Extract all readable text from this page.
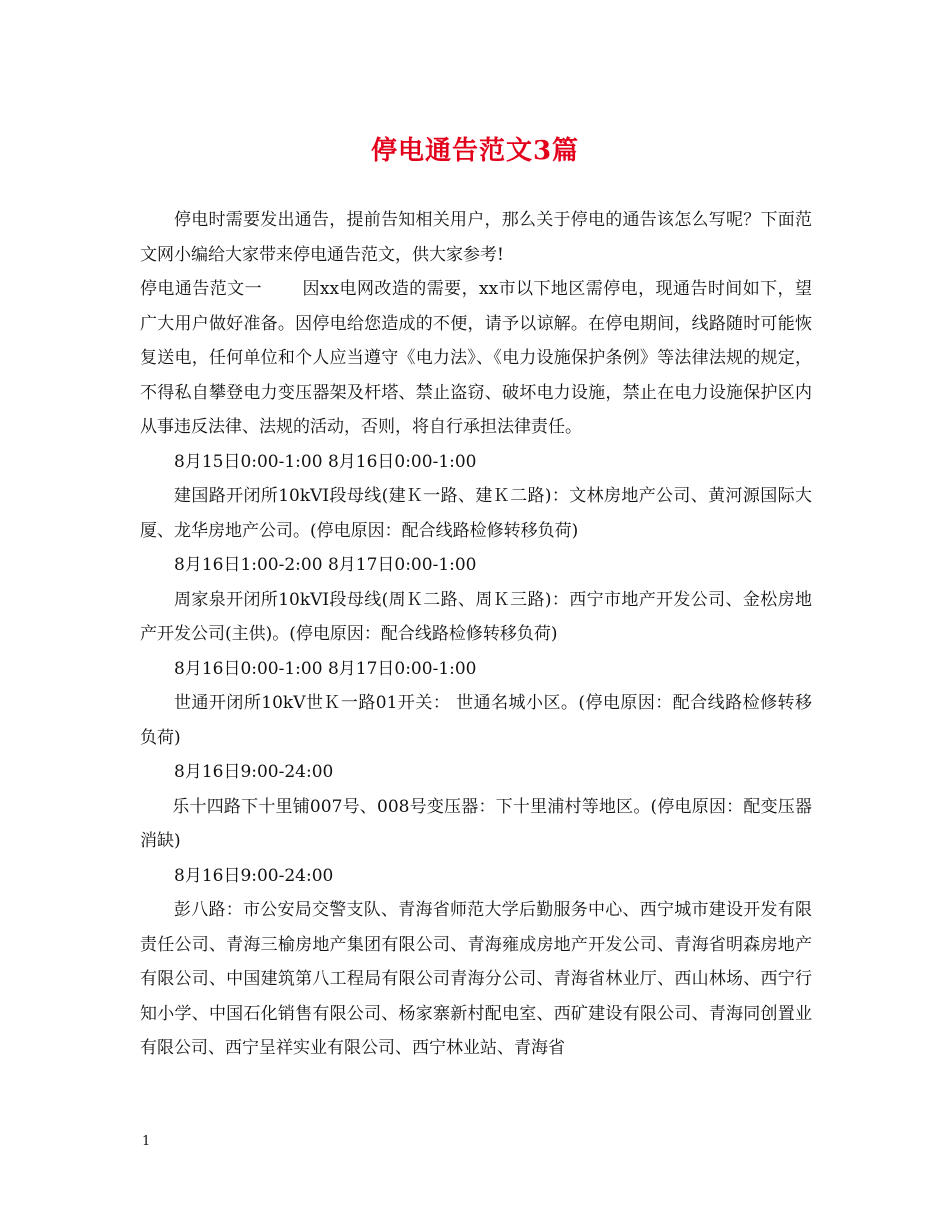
停电通告范文3篇

停电时需要发出通告，提前告知相关用户，那么关于停电的通告该怎么写呢？下面范文网小编给大家带来停电通告范文，供大家参考!

停电通告范文一 因xx电网改造的需要，xx市以下地区需停电，现通告时间如下，望广大用户做好准备。因停电给您造成的不便，请予以谅解。在停电期间，线路随时可能恢复送电，任何单位和个人应当遵守《电力法》、《电力设施保护条例》等法律法规的规定，不得私自攀登电力变压器架及杆塔、禁止盗窃、破坏电力设施，禁止在电力设施保护区内从事违反法律、法规的活动，否则，将自行承担法律责任。

8月15日0:00-1:00 8月16日0:00-1:00

建国路开闭所10kVI段母线(建Ｋ一路、建Ｋ二路)：文林房地产公司、黄河源国际大厦、龙华房地产公司。(停电原因：配合线路检修转移负荷)

8月16日1:00-2:00 8月17日0:00-1:00

周家泉开闭所10kVI段母线(周Ｋ二路、周Ｋ三路)：西宁市地产开发公司、金松房地产开发公司(主供)。(停电原因：配合线路检修转移负荷)

8月16日0:00-1:00 8月17日0:00-1:00

世通开闭所10kV世Ｋ一路01开关： 世通名城小区。(停电原因：配合线路检修转移负荷)

8月16日9:00-24:00

乐十四路下十里铺007号、008号变压器：下十里浦村等地区。(停电原因：配变压器消缺)

8月16日9:00-24:00

彭八路：市公安局交警支队、青海省师范大学后勤服务中心、西宁城市建设开发有限责任公司、青海三榆房地产集团有限公司、青海雍成房地产开发公司、青海省明森房地产有限公司、中国建筑第八工程局有限公司青海分公司、青海省林业厅、西山林场、西宁行知小学、中国石化销售有限公司、杨家寨新村配电室、西矿建设有限公司、青海同创置业有限公司、西宁呈祥实业有限公司、西宁林业站、青海省

1
